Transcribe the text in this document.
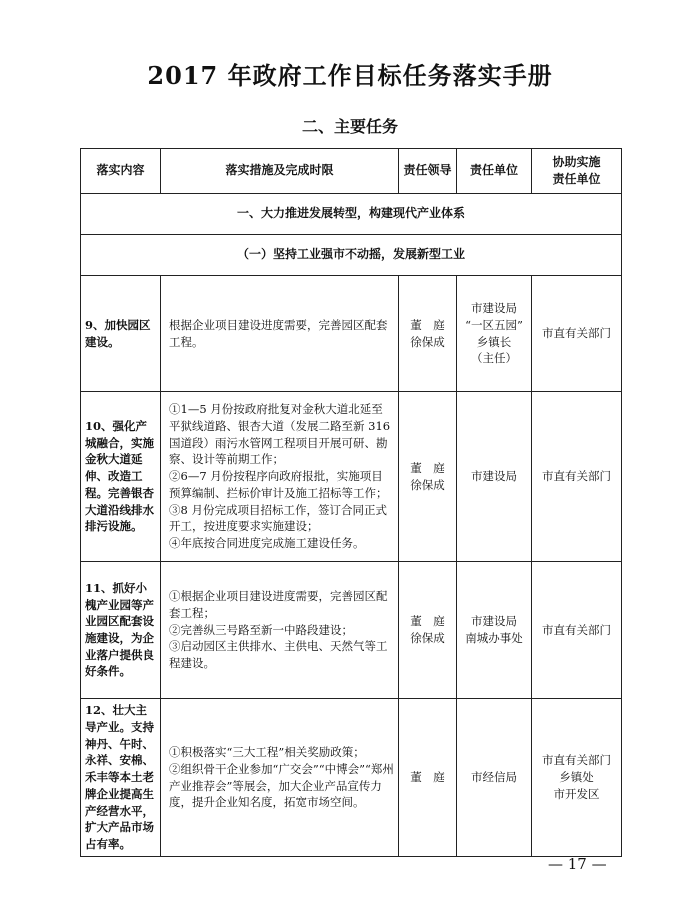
2017 年政府工作目标任务落实手册
二、主要任务
落实内容	落实措施及完成时限	责任领导	责任单位	协助实施
责任单位

一、大力推进发展转型，构建现代产业体系				
（一）坚持工业强市不动摇，发展新型工业				
9、加快园区建设。	根据企业项目建设进度需要，完善园区配套工程。	董　庭
徐保成	市建设局
“一区五园”
乡镇长
（主任）	市直有关部门

10、强化产城融合，实施金秋大道延伸、改造工程。完善银杏大道沿线排水排污设施。	①1—5 月份按政府批复对金秋大道北延至平狱线道路、银杏大道（发展二路至新 316 国道段）雨污水管网工程项目开展可研、勘察、设计等前期工作；
②6—7 月份按程序向政府报批，实施项目预算编制、拦标价审计及施工招标等工作；
③8 月份完成项目招标工作，签订合同正式开工，按进度要求实施建设；
④年底按合同进度完成施工建设任务。	董　庭
徐保成	市建设局	市直有关部门

11、抓好小槐产业园等产业园区配套设施建设，为企业落户提供良好条件。	①根据企业项目建设进度需要，完善园区配套工程；
②完善纵三号路至新一中路段建设；
③启动园区主供排水、主供电、天然气等工程建设。	董　庭
徐保成	市建设局
南城办事处	市直有关部门

12、壮大主导产业。支持神丹、午时、永祥、安棉、禾丰等本土老牌企业提高生产经营水平，扩大产品市场占有率。	①积极落实“三大工程”相关奖励政策；
②组织骨干企业参加“广交会”“中博会”“郑州产业推荐会”等展会，加大企业产品宣传力度，提升企业知名度，拓宽市场空间。	董　庭	市经信局	市直有关部门
乡镇处
市开发区
— 17 —
